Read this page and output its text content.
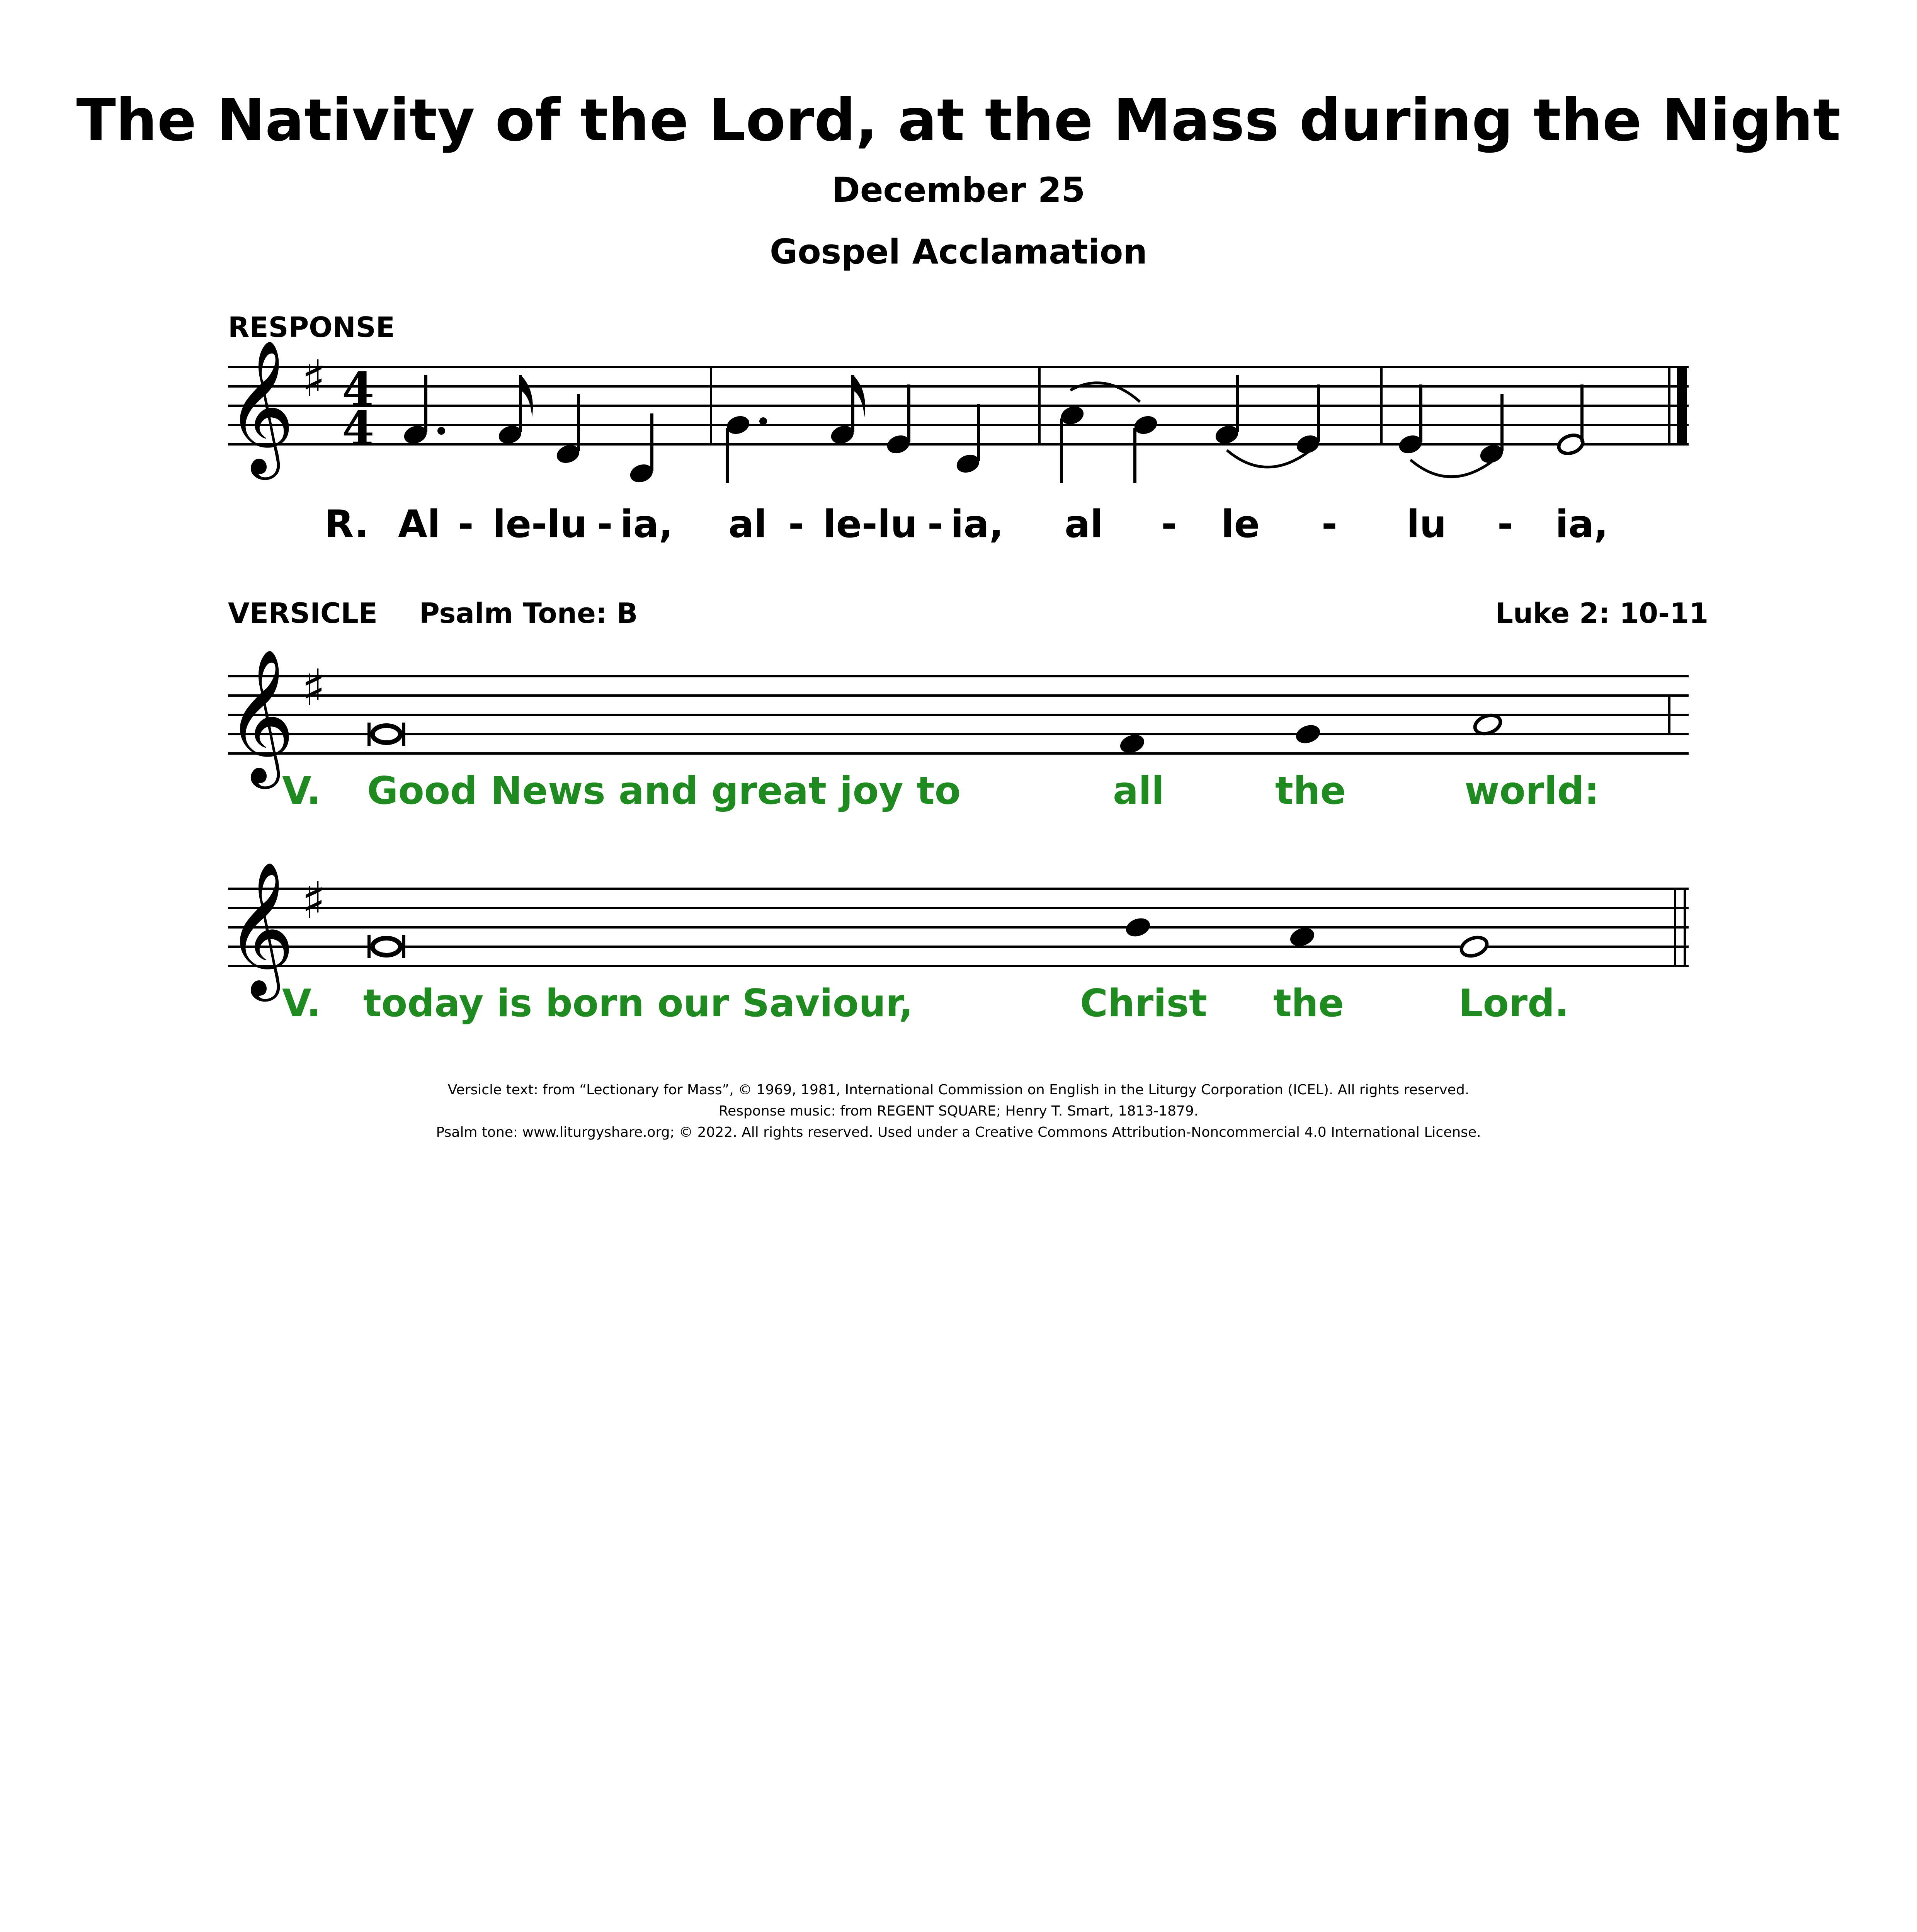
The Nativity of the Lord, at the Mass during the Night
December 25
Gospel Acclamation
RESPONSE
𝄞 ♯ 4
4
R. Al - le-lu - ia, al - le-lu - ia, al - le - lu - ia,
VERSICLE Psalm Tone: B	Luke 2: 10-11
𝄞 ♯
V. Good News and great joy to	all	the	world:
𝄞 ♯
V. today is born our Saviour,	Christ the	Lord.
Versicle text: from “Lectionary for Mass”, © 1969, 1981, International Commission on English in the Liturgy Corporation (ICEL). All rights reserved.
Response music: from REGENT SQUARE; Henry T. Smart, 1813-1879.
Psalm tone: www.liturgyshare.org; © 2022. All rights reserved. Used under a Creative Commons Attribution-Noncommercial 4.0 International License.
